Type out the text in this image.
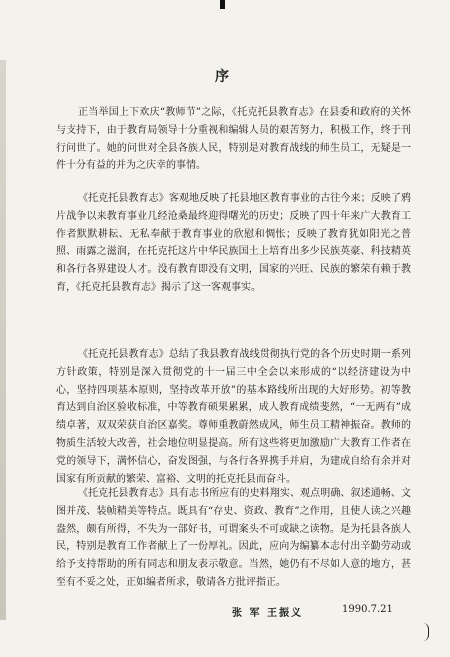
序

正当举国上下欢庆“教师节”之际，《托克托县教育志》在县委和政府的关怀与支持下，由于教育局领导十分重视和编辑人员的艰苦努力，积极工作，终于刊行问世了。她的问世对全县各族人民，特别是对教育战线的师生员工，无疑是一件十分有益的并为之庆幸的事情。

《托克托县教育志》客观地反映了托县地区教育事业的古往今来；反映了鸦片战争以来教育事业几经沧桑最终迎得曙光的历史；反映了四十年来广大教育工作者默默耕耘、无私奉献于教育事业的欣慰和惆怅；反映了教育犹如阳光之普照、雨露之滋润，在托克托这片中华民族国土上培育出多少民族英豪、科技精英和各行各界建设人才。没有教育即没有文明，国家的兴旺、民族的繁荣有赖于教育，《托克托县教育志》揭示了这一客观事实。

《托克托县教育志》总结了我县教育战线贯彻执行党的各个历史时期一系列方针政策，特别是深入贯彻党的十一届三中全会以来形成的“以经济建设为中心，坚持四项基本原则，坚持改革开放”的基本路线所出现的大好形势。初等教育达到自治区验收标准，中等教育硕果累累，成人教育成绩斐然，“一无两有”成绩卓著，双双荣获自治区嘉奖。尊师重教蔚然成风，师生员工精神振奋。教师的物质生活较大改善，社会地位明显提高。所有这些将更加激励广大教育工作者在党的领导下，满怀信心，奋发图强，与各行各界携手并肩，为建成自给有余并对国家有所贡献的繁荣、富裕、文明的托克托县而奋斗。

《托克托县教育志》具有志书所应有的史料翔实、观点明确、叙述通畅、文图并茂、装帧精美等特点。既具有“存史、资政、教育”之作用，且使人读之兴趣盎然，颇有所得，不失为一部好书，可谓案头不可或缺之读物。是为托县各族人民，特别是教育工作者献上了一份厚礼。因此，应向为编纂本志付出辛勤劳动或给予支持帮助的所有同志和朋友表示敬意。当然，她仍有不尽如人意的地方，甚至有不妥之处，正如编者所求，敬请各方批评指正。

张 军 王振义	1990.7.21
